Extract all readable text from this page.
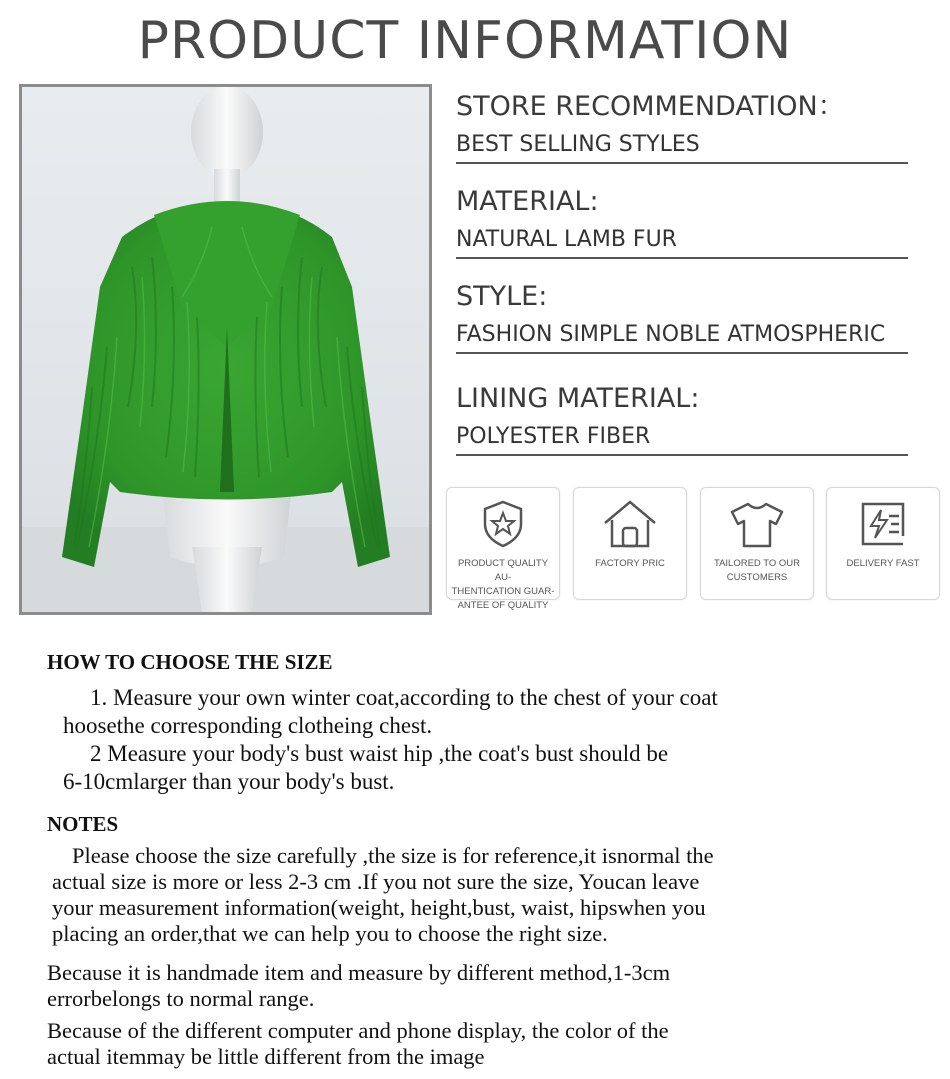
PRODUCT INFORMATION
STORE RECOMMENDATION：
BEST SELLING STYLES
MATERIAL:
NATURAL LAMB FUR
STYLE:
FASHION SIMPLE NOBLE ATMOSPHERIC
LINING MATERIAL:
POLYESTER FIBER
PRODUCT QUALITY AU-
THENTICATION GUAR-
ANTEE OF QUALITY
FACTORY PRIC	TAILORED TO OUR
CUSTOMERS
DELIVERY FAST
HOW TO CHOOSE THE SIZE
1. Measure your own winter coat,according to the chest of your coat
hoosethe corresponding clotheing chest.
2 Measure your body's bust waist hip ,the coat's bust should be
6-10cmlarger than your body's bust.
NOTES
Please choose the size carefully ,the size is for reference,it isnormal the
actual size is more or less 2-3 cm .If you not sure the size, Youcan leave
your measurement information(weight, height,bust, waist, hipswhen you
placing an order,that we can help you to choose the right size.
Because it is handmade item and measure by different method,1-3cm
errorbelongs to normal range.
Because of the different computer and phone display, the color of the
actual itemmay be little different from the image
